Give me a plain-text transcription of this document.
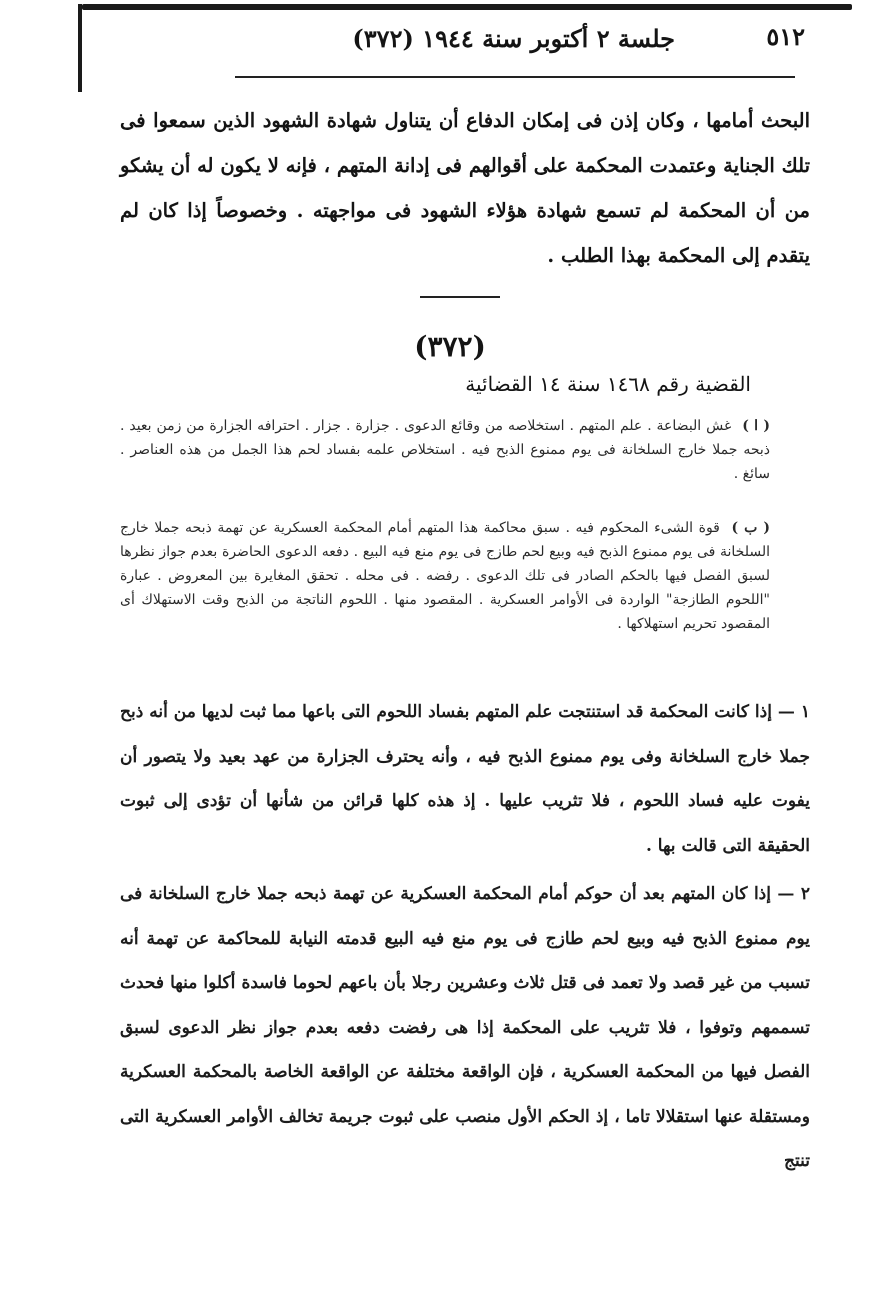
٥١٢
جلسة ٢ أكتوبر سنة ١٩٤٤ (٣٧٢)
البحث أمامها ، وكان إذن فى إمكان الدفاع أن يتناول شهادة الشهود الذين سمعوا فى تلك الجناية وعتمدت المحكمة على أقوالهم فى إدانة المتهم ، فإنه لا يكون له أن يشكو من أن المحكمة لم تسمع شهادة هؤلاء الشهود فى مواجهته . وخصوصاً إذا كان لم يتقدم إلى المحكمة بهذا الطلب .
(٣٧٢)
القضية رقم ١٤٦٨ سنة ١٤ القضائية
( ا ) غش البضاعة . علم المتهم . استخلاصه من وقائع الدعوى . جزارة . جزار . احترافه الجزارة من زمن بعيد . ذبحه جملا خارج السلخانة فى يوم ممنوع الذبح فيه . استخلاص علمه بفساد لحم هذا الجمل من هذه العناصر . سائغ .
( ب ) قوة الشىء المحكوم فيه . سبق محاكمة هذا المتهم أمام المحكمة العسكرية عن تهمة ذبحه جملا خارج السلخانة فى يوم ممنوع الذبح فيه وبيع لحم طازج فى يوم منع فيه البيع . دفعه الدعوى الحاضرة بعدم جواز نظرها لسبق الفصل فيها بالحكم الصادر فى تلك الدعوى . رفضه . فى محله . تحقق المغايرة بين المعروض . عبارة "اللحوم الطازجة" الواردة فى الأوامر العسكرية . المقصود منها . اللحوم الناتجة من الذبح وقت الاستهلاك أى المقصود تحريم استهلاكها .
١ — إذا كانت المحكمة قد استنتجت علم المتهم بفساد اللحوم التى باعها مما ثبت لديها من أنه ذبح جملا خارج السلخانة وفى يوم ممنوع الذبح فيه ، وأنه يحترف الجزارة من عهد بعيد ولا يتصور أن يفوت عليه فساد اللحوم ، فلا تثريب عليها . إذ هذه كلها قرائن من شأنها أن تؤدى إلى ثبوت الحقيقة التى قالت بها .
٢ — إذا كان المتهم بعد أن حوكم أمام المحكمة العسكرية عن تهمة ذبحه جملا خارج السلخانة فى يوم ممنوع الذبح فيه وبيع لحم طازج فى يوم منع فيه البيع قدمته النيابة للمحاكمة عن تهمة أنه تسبب من غير قصد ولا تعمد فى قتل ثلاث وعشرين رجلا بأن باعهم لحوما فاسدة أكلوا منها فحدث تسممهم وتوفوا ، فلا تثريب على المحكمة إذا هى رفضت دفعه بعدم جواز نظر الدعوى لسبق الفصل فيها من المحكمة العسكرية ، فإن الواقعة مختلفة عن الواقعة الخاصة بالمحكمة العسكرية ومستقلة عنها استقلالا تاما ، إذ الحكم الأول منصب على ثبوت جريمة تخالف الأوامر العسكرية التى تنتج
